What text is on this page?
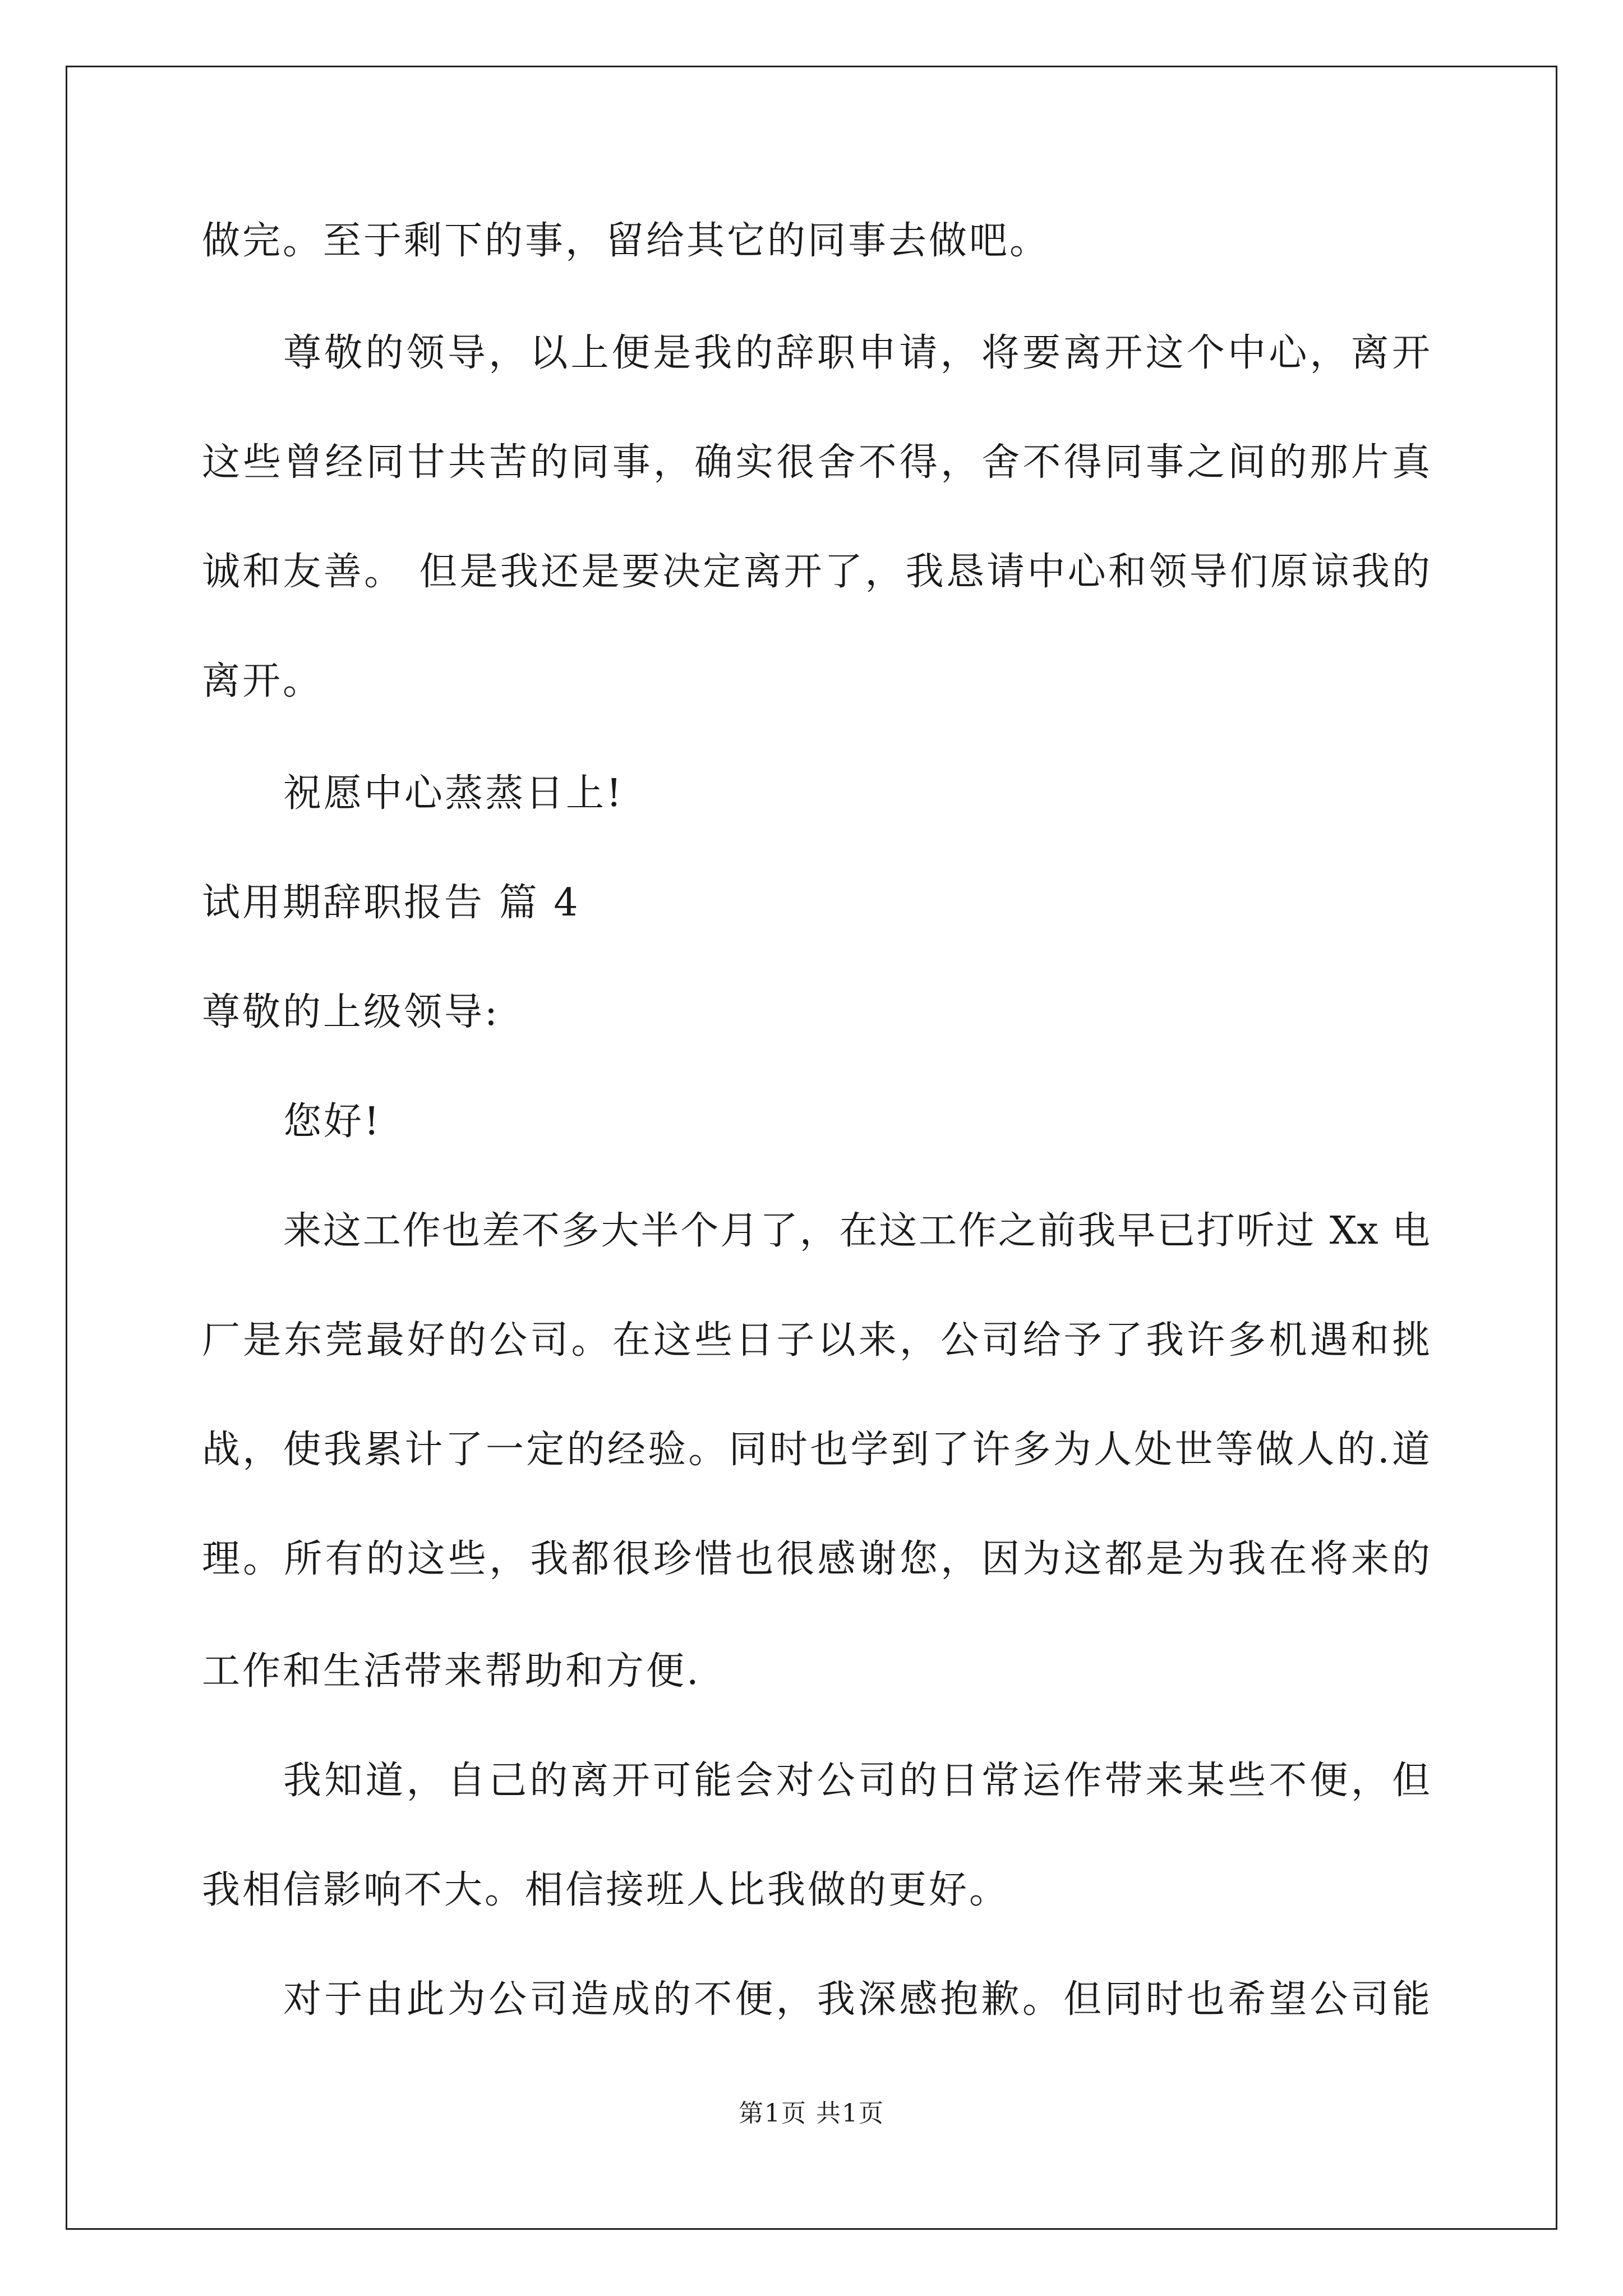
做完。至于剩下的事，留给其它的同事去做吧。
尊敬的领导，以上便是我的辞职申请，将要离开这个中心，离开
这些曾经同甘共苦的同事，确实很舍不得，舍不得同事之间的那片真
诚和友善。 但是我还是要决定离开了，我恳请中心和领导们原谅我的
离开。
祝愿中心蒸蒸日上!
试用期辞职报告 篇 4
尊敬的上级领导:
您好!
来这工作也差不多大半个月了，在这工作之前我早已打听过 Xx 电
厂是东莞最好的公司。在这些日子以来，公司给予了我许多机遇和挑
战，使我累计了一定的经验。同时也学到了许多为人处世等做人的.道
理。所有的这些，我都很珍惜也很感谢您，因为这都是为我在将来的
工作和生活带来帮助和方便.
我知道，自己的离开可能会对公司的日常运作带来某些不便，但
我相信影响不大。相信接班人比我做的更好。
对于由此为公司造成的不便，我深感抱歉。但同时也希望公司能
第1页 共1页
